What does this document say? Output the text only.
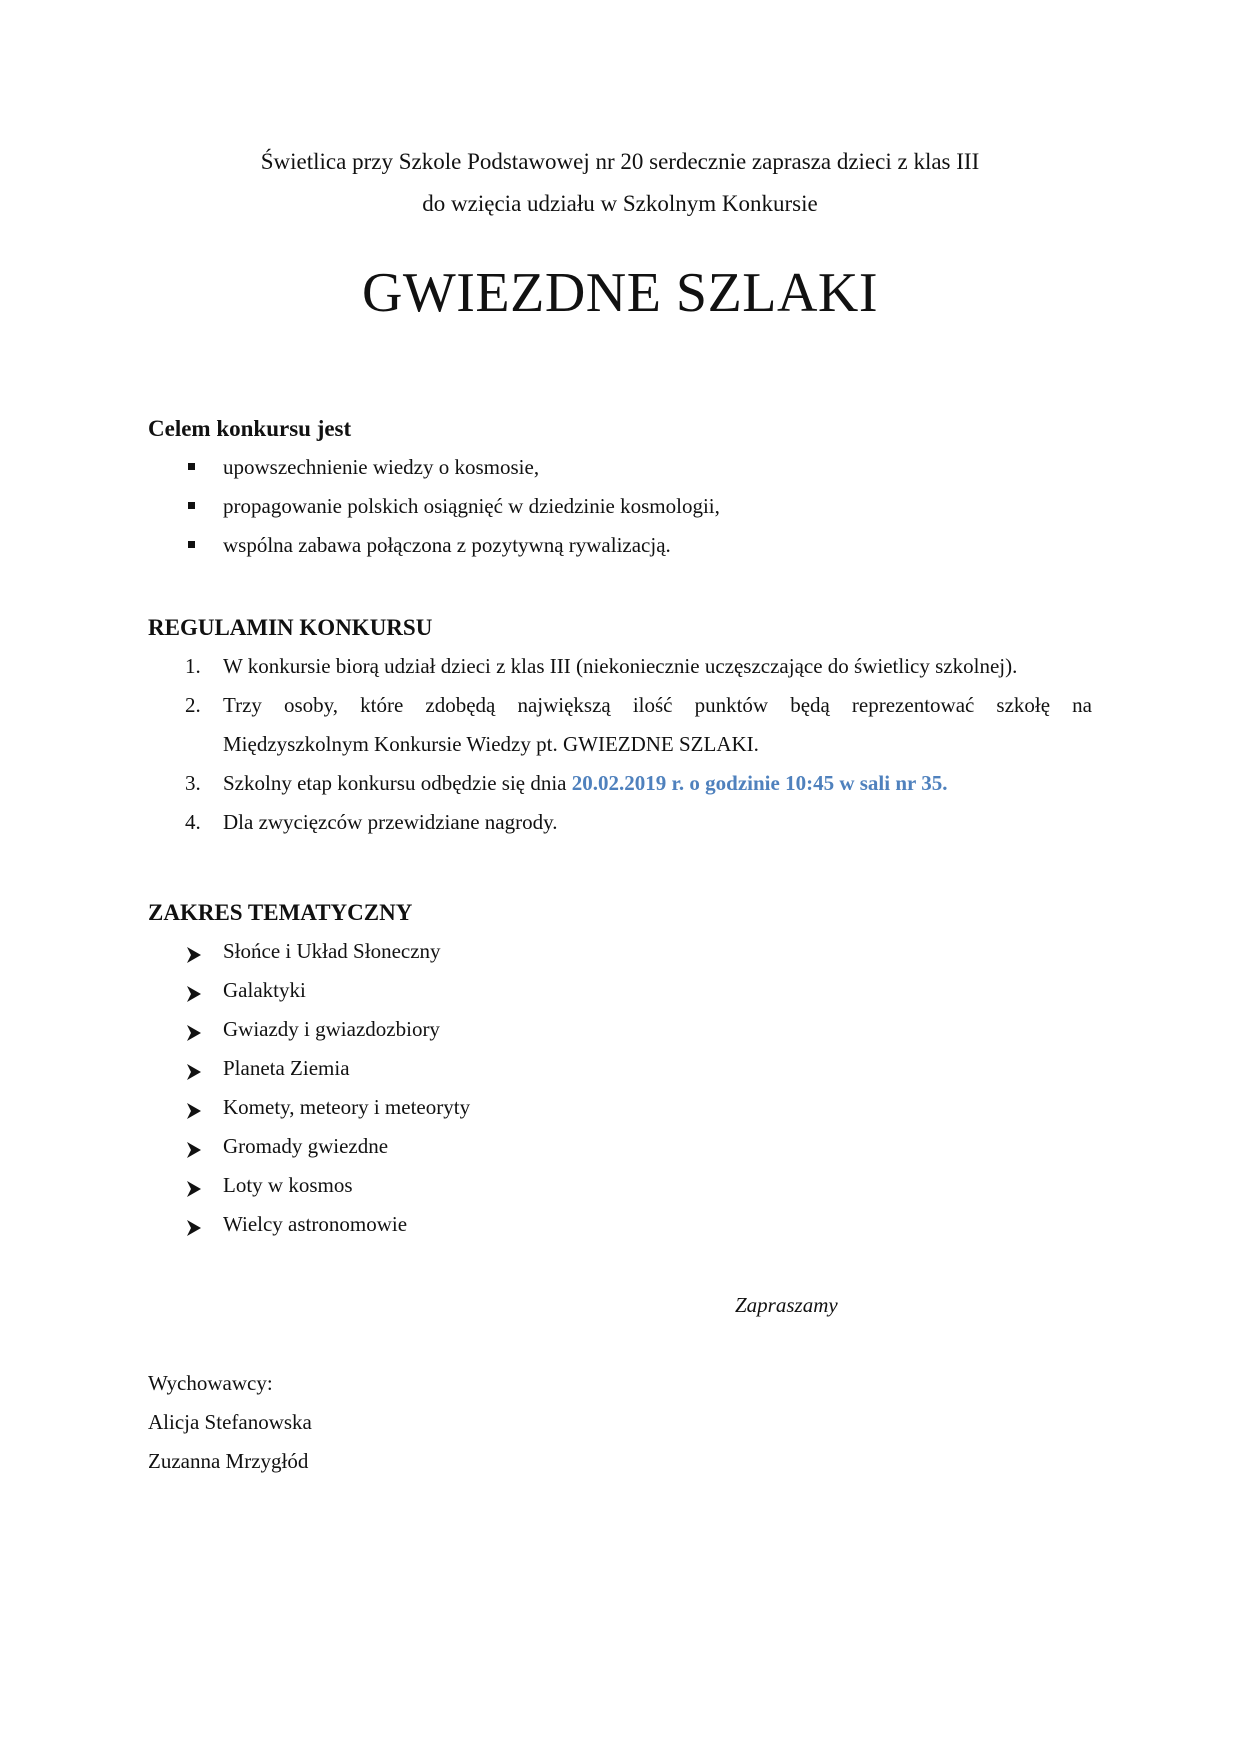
Świetlica przy Szkole Podstawowej nr 20 serdecznie zaprasza dzieci z klas III
do wzięcia udziału w Szkolnym Konkursie
GWIEZDNE SZLAKI
Celem konkursu jest
upowszechnienie wiedzy o kosmosie,
propagowanie polskich osiągnięć w dziedzinie kosmologii,
wspólna zabawa połączona z pozytywną rywalizacją.
REGULAMIN KONKURSU
1. W konkursie biorą udział dzieci z klas III (niekoniecznie uczęszczające do świetlicy szkolnej).
2. Trzy osoby, które zdobędą największą ilość punktów będą reprezentować szkołę na
Międzyszkolnym Konkursie Wiedzy pt. GWIEZDNE SZLAKI.
3. Szkolny etap konkursu odbędzie się dnia 20.02.2019 r. o godzinie 10:45 w sali nr 35.
4. Dla zwycięzców przewidziane nagrody.
ZAKRES TEMATYCZNY
Słońce i Układ Słoneczny
Galaktyki
Gwiazdy i gwiazdozbiory
Planeta Ziemia
Komety, meteory i meteoryty
Gromady gwiezdne
Loty w kosmos
Wielcy astronomowie
Zapraszamy
Wychowawcy:
Alicja Stefanowska
Zuzanna Mrzygłód
